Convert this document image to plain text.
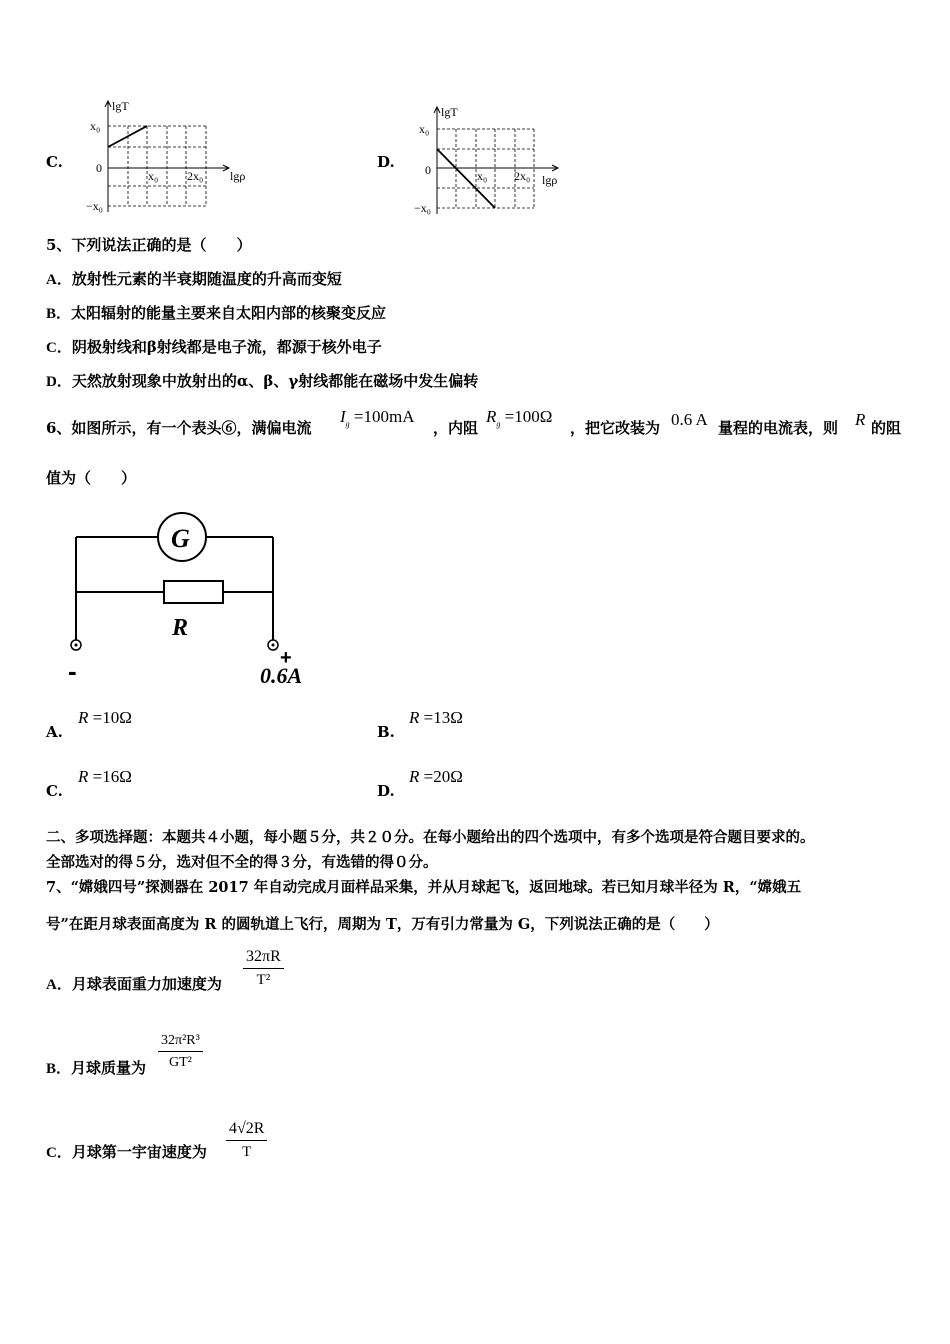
C.
lgT
lgρ
x₀
0
−x₀
x₀ 2x₀
D.
lgT
lgρ
x₀
0
−x₀
x₀ 2x₀
5、下列说法正确的是（　　）
A．放射性元素的半衰期随温度的升高而变短
B．太阳辐射的能量主要来自太阳内部的核聚变反应
C．阴极射线和β射线都是电子流，都源于核外电子
D．天然放射现象中放射出的α、β、γ射线都能在磁场中发生偏转
6、如图所示，有一个表头⑥，满偏电流
$I_g =100mA$
，内阻
$R_g =100\Omega$
，把它改装为 0.6 A 量程的电流表，则 R 的阻
值为（　　）
G
R
-	+
0.6A
A.
R =10Ω
B.
R =13Ω
C.
R =16Ω
D.
R =20Ω
二、多项选择题：本题共４小题，每小题５分，共２０分。在每小题给出的四个选项中，有多个选项是符合题目要求的。
全部选对的得５分，选对但不全的得３分，有选错的得０分。
7、“嫦娥四号”探测器在 2017 年自动完成月面样品采集，并从月球起飞，返回地球。若已知月球半径为 R，“嫦娥五
号”在距月球表面高度为 R 的圆轨道上飞行，周期为 T，万有引力常量为 G，下列说法正确的是（　　）
A．月球表面重力加速度为 $\frac{32\pi R}{\text{T²}}$
B．月球质量为 $\frac{\text{32π²R³}}{\text{GT²}}$
C．月球第一宇宙速度为 $\frac{4√2R}{T}$
